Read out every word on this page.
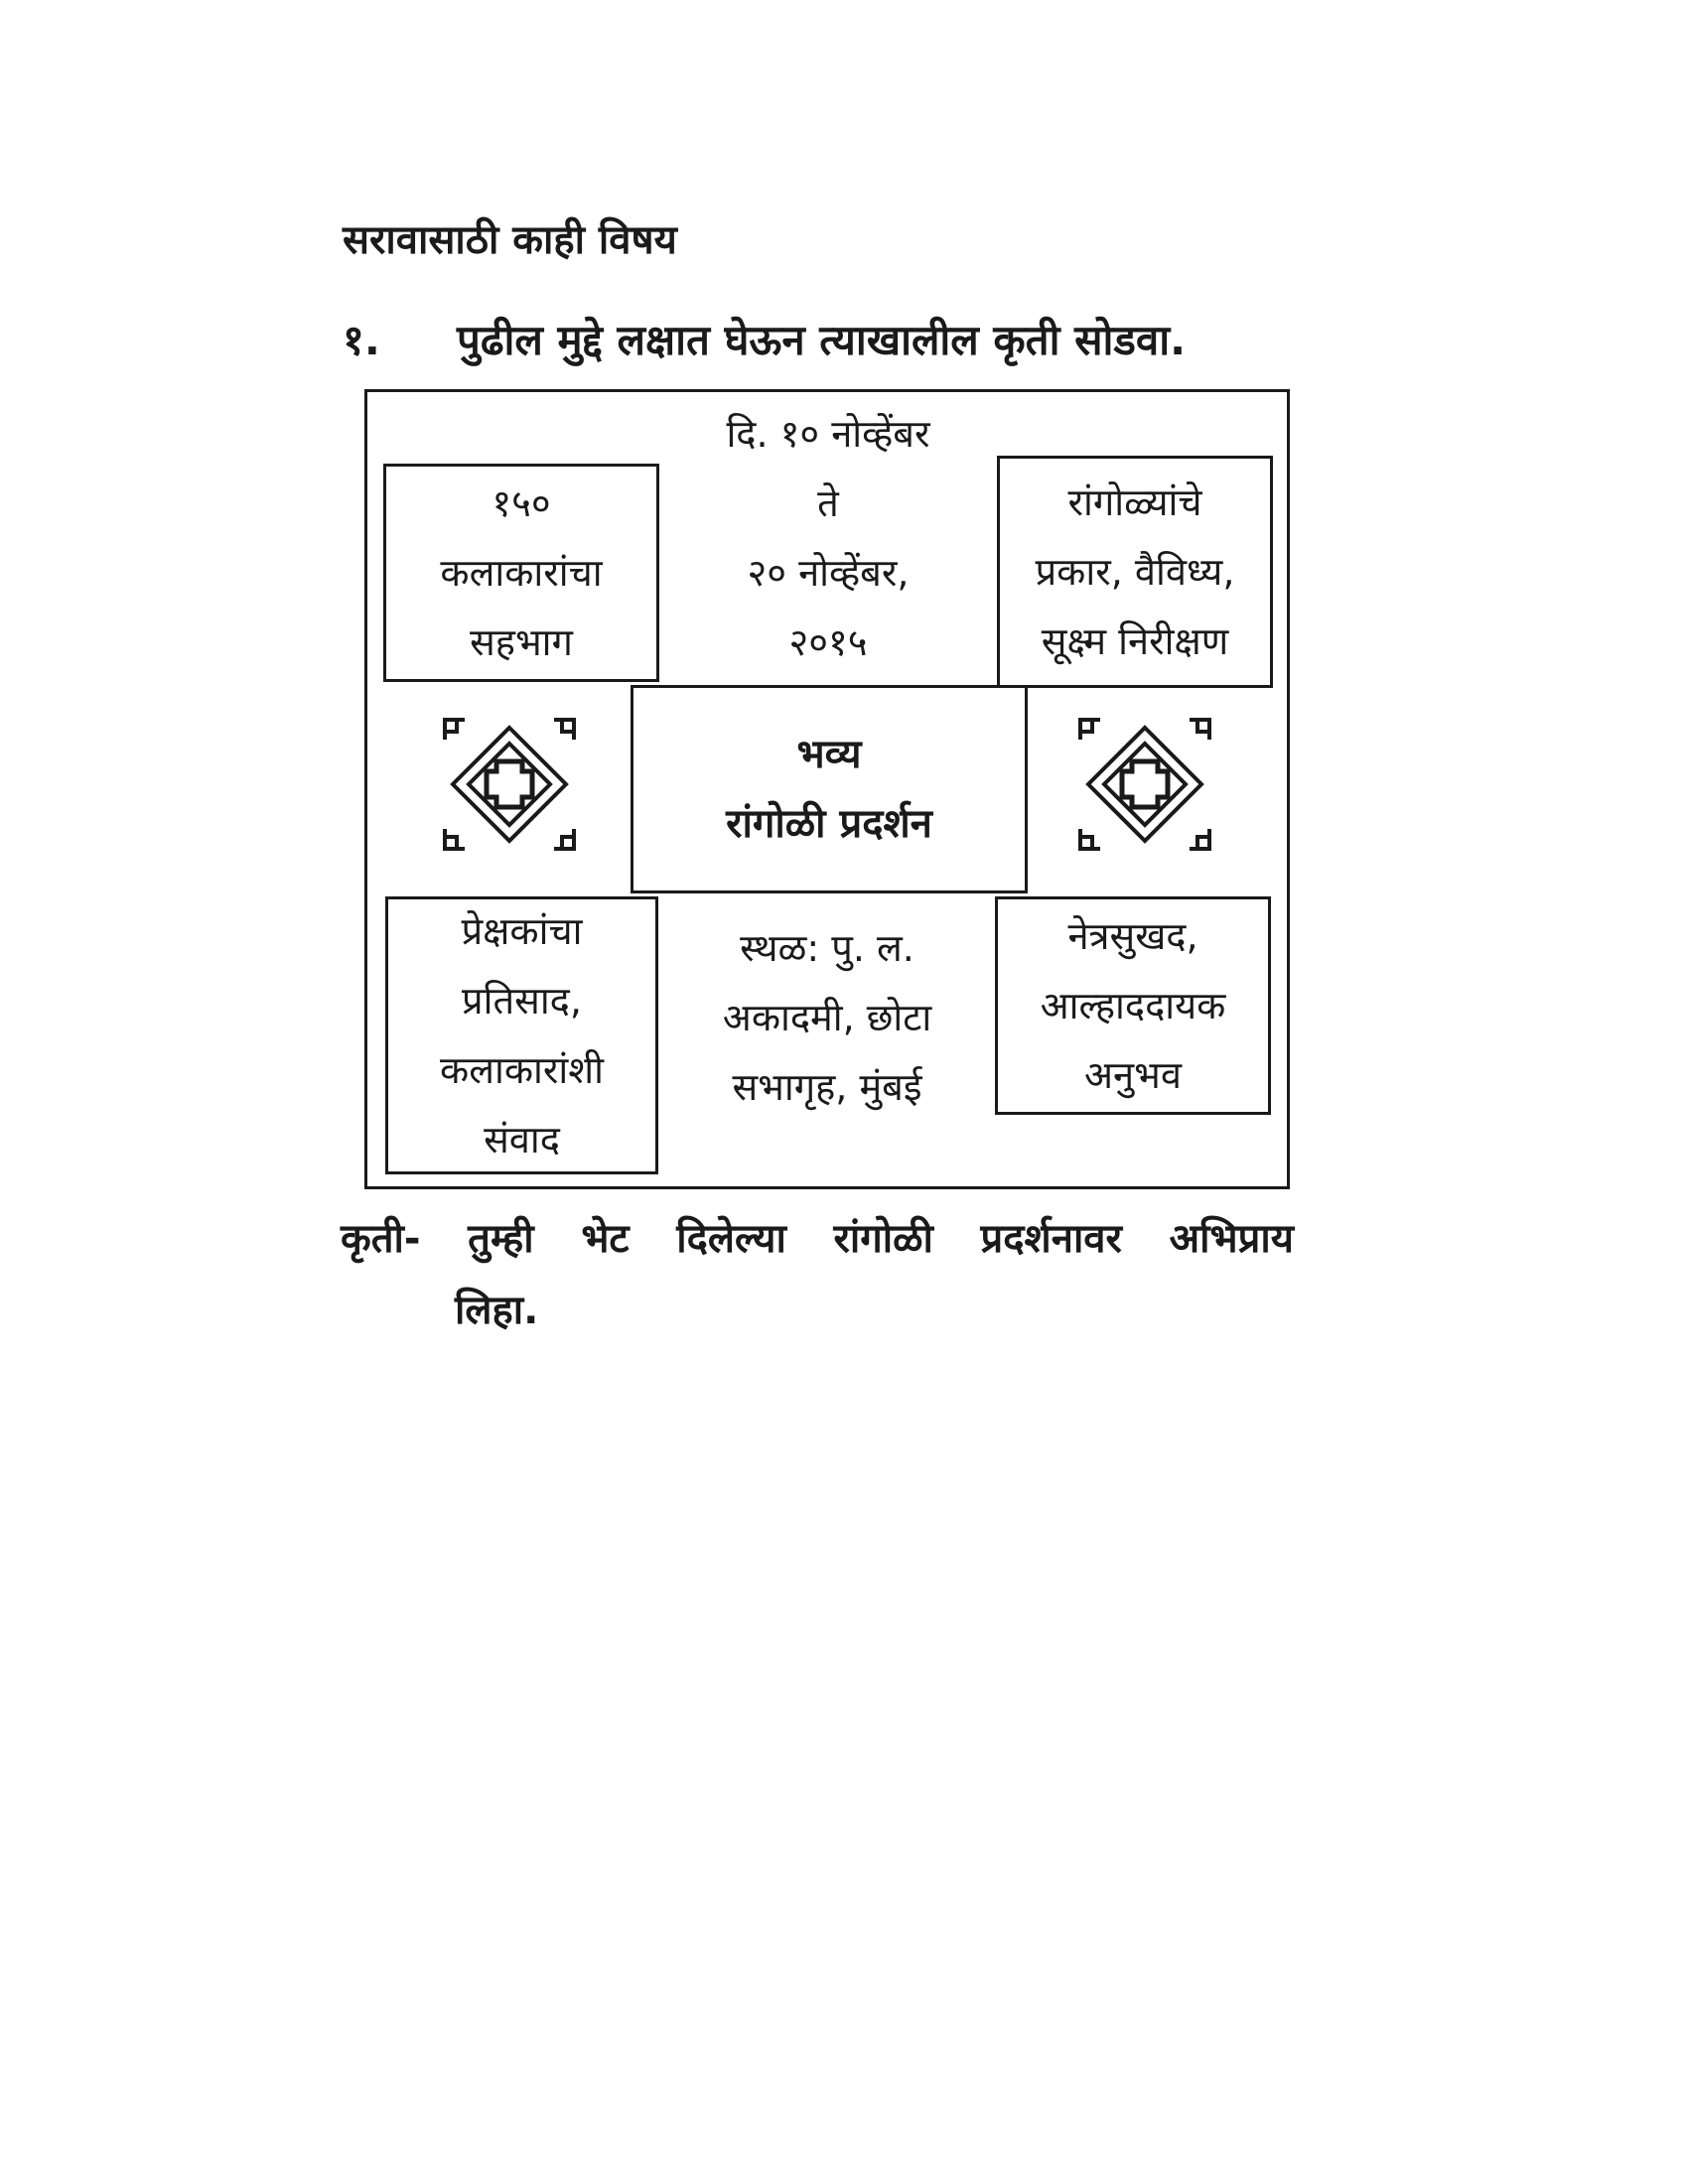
सरावासाठी काही विषय
१. पुढील मुद्दे लक्षात घेऊन त्याखालील कृती सोडवा.
१५०
कलाकारांचा
सहभाग
दि. १० नोव्हेंबर
ते
२० नोव्हेंबर,
२०१५
रांगोळ्यांचे
प्रकार, वैविध्य,
सूक्ष्म निरीक्षण
भव्य
रांगोळी प्रदर्शन
प्रेक्षकांचा
प्रतिसाद,
कलाकारांशी
संवाद
स्थळ: पु. ल.
अकादमी, छोटा
सभागृह, मुंबई
नेत्रसुखद,
आल्हाददायक
अनुभव
कृती- तुम्ही भेट दिलेल्या रांगोळी प्रदर्शनावर अभिप्राय
लिहा.
